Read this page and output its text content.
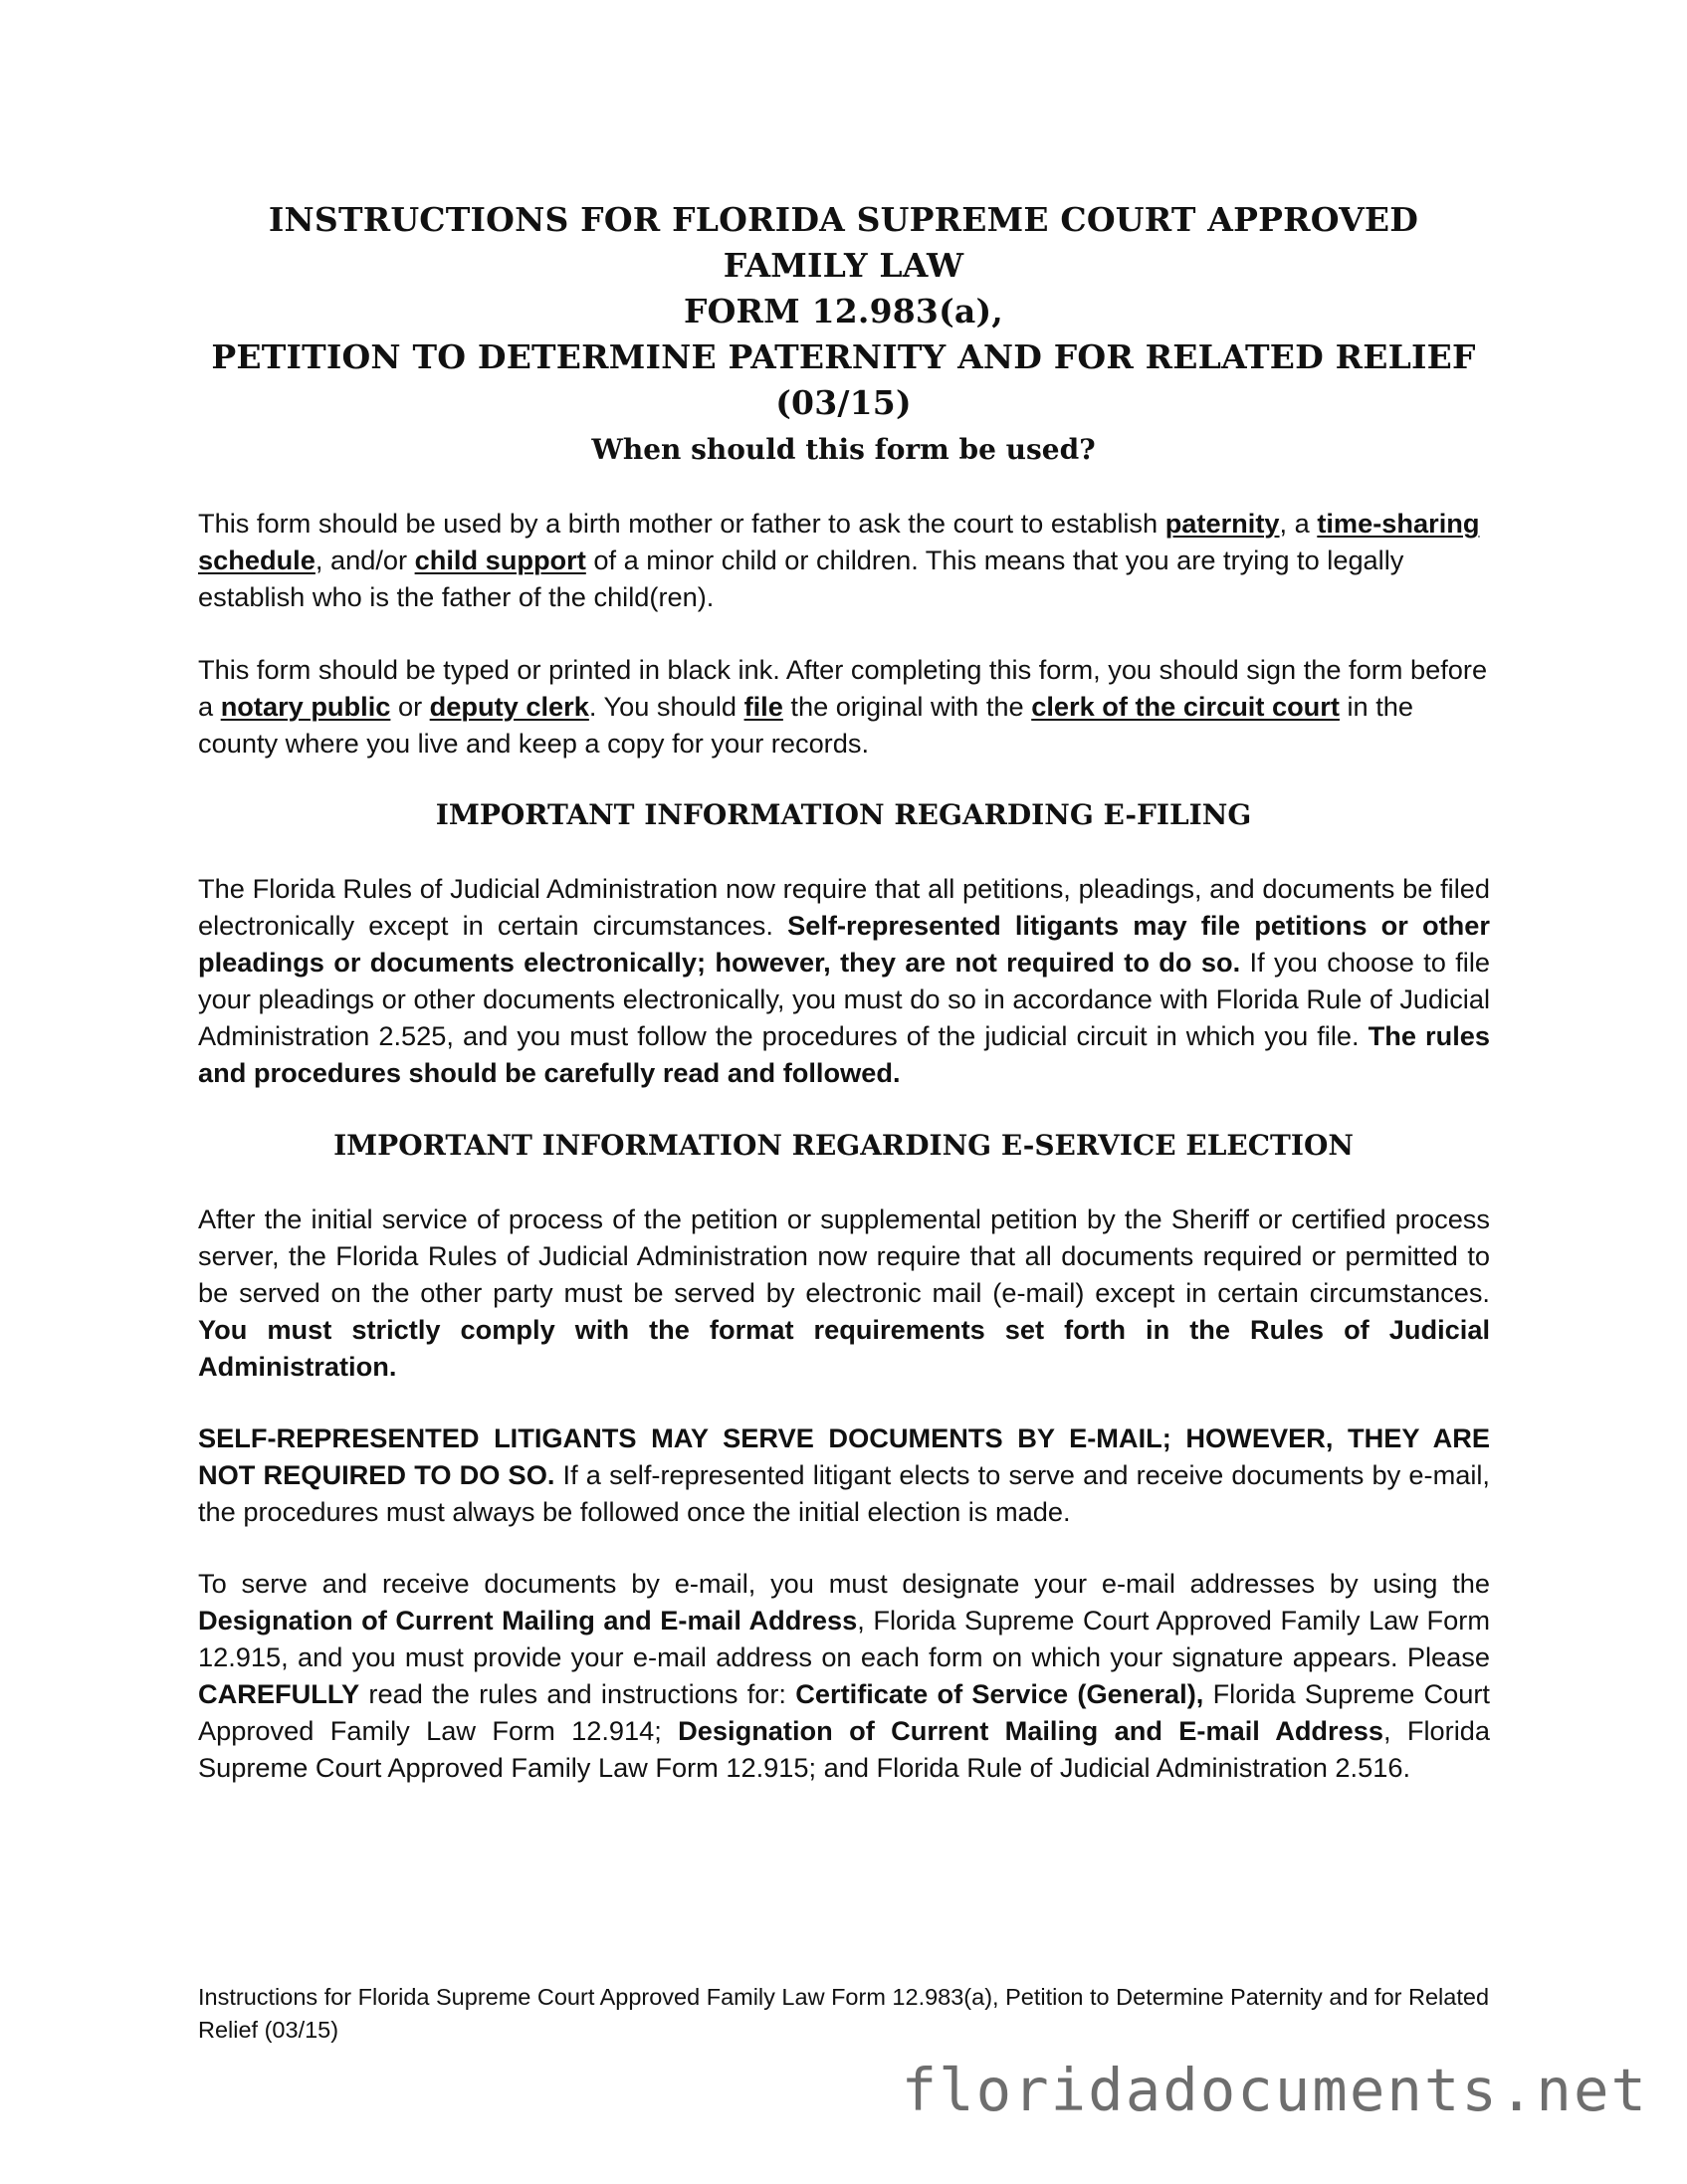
INSTRUCTIONS FOR FLORIDA SUPREME COURT APPROVED FAMILY LAW
FORM 12.983(a),
PETITION TO DETERMINE PATERNITY AND FOR RELATED RELIEF
(03/15)
When should this form be used?
This form should be used by a birth mother or father to ask the court to establish paternity, a time-sharing schedule, and/or child support of a minor child or children. This means that you are trying to legally establish who is the father of the child(ren).
This form should be typed or printed in black ink. After completing this form, you should sign the form before a notary public or deputy clerk. You should file the original with the clerk of the circuit court in the county where you live and keep a copy for your records.
IMPORTANT INFORMATION REGARDING E-FILING
The Florida Rules of Judicial Administration now require that all petitions, pleadings, and documents be filed electronically except in certain circumstances. Self-represented litigants may file petitions or other pleadings or documents electronically; however, they are not required to do so. If you choose to file your pleadings or other documents electronically, you must do so in accordance with Florida Rule of Judicial Administration 2.525, and you must follow the procedures of the judicial circuit in which you file. The rules and procedures should be carefully read and followed.
IMPORTANT INFORMATION REGARDING E-SERVICE ELECTION
After the initial service of process of the petition or supplemental petition by the Sheriff or certified process server, the Florida Rules of Judicial Administration now require that all documents required or permitted to be served on the other party must be served by electronic mail (e-mail) except in certain circumstances. You must strictly comply with the format requirements set forth in the Rules of Judicial Administration.
SELF-REPRESENTED LITIGANTS MAY SERVE DOCUMENTS BY E-MAIL; HOWEVER, THEY ARE NOT REQUIRED TO DO SO. If a self-represented litigant elects to serve and receive documents by e-mail, the procedures must always be followed once the initial election is made.
To serve and receive documents by e-mail, you must designate your e-mail addresses by using the Designation of Current Mailing and E-mail Address, Florida Supreme Court Approved Family Law Form 12.915, and you must provide your e-mail address on each form on which your signature appears. Please CAREFULLY read the rules and instructions for: Certificate of Service (General), Florida Supreme Court Approved Family Law Form 12.914; Designation of Current Mailing and E-mail Address, Florida Supreme Court Approved Family Law Form 12.915; and Florida Rule of Judicial Administration 2.516.
Instructions for Florida Supreme Court Approved Family Law Form 12.983(a), Petition to Determine Paternity and for Related Relief (03/15)
floridadocuments.net
